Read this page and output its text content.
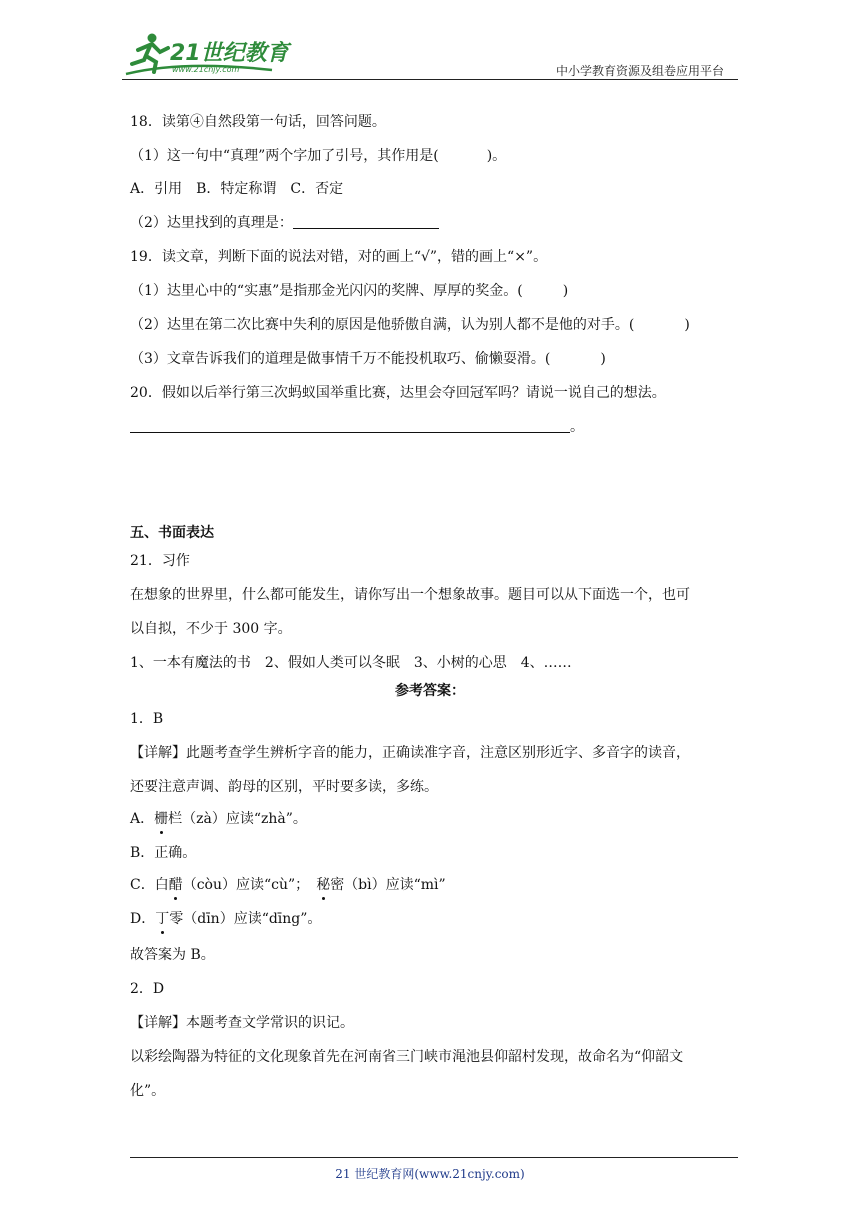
21世纪教育
www.21cnjy.com	中小学教育资源及组卷应用平台
18．读第④自然段第一句话，回答问题。
（1）这一句中“真理”两个字加了引号，其作用是(	)。
A．引用　B．特定称谓　C．否定
（2）达里找到的真理是：
19．读文章，判断下面的说法对错，对的画上“√”，错的画上“×”。
（1）达里心中的“实惠”是指那金光闪闪的奖牌、厚厚的奖金。(	)
（2）达里在第二次比赛中失利的原因是他骄傲自满，认为别人都不是他的对手。(	)
（3）文章告诉我们的道理是做事情千万不能投机取巧、偷懒耍滑。(	)
20．假如以后举行第三次蚂蚁国举重比赛，达里会夺回冠军吗？请说一说自己的想法。
。
五、书面表达
21．习作
在想象的世界里，什么都可能发生，请你写出一个想象故事。题目可以从下面选一个，也可
以自拟，不少于 300 字。
1、一本有魔法的书　2、假如人类可以冬眠　3、小树的心思　4、……
参考答案：
1．B
【详解】此题考查学生辨析字音的能力，正确读准字音，注意区别形近字、多音字的读音，
还要注意声调、韵母的区别，平时要多读，多练。
A．栅栏（zà）应读“zhà”。
B．正确。
C．白醋（còu）应读“cù”；　秘密（bì）应读“mì”
D．丁零（dīn）应读“dīng”。
故答案为 B。
2．D
【详解】本题考查文学常识的识记。
以彩绘陶器为特征的文化现象首先在河南省三门峡市渑池县仰韶村发现，故命名为“仰韶文
化”。
21 世纪教育网(www.21cnjy.com)
